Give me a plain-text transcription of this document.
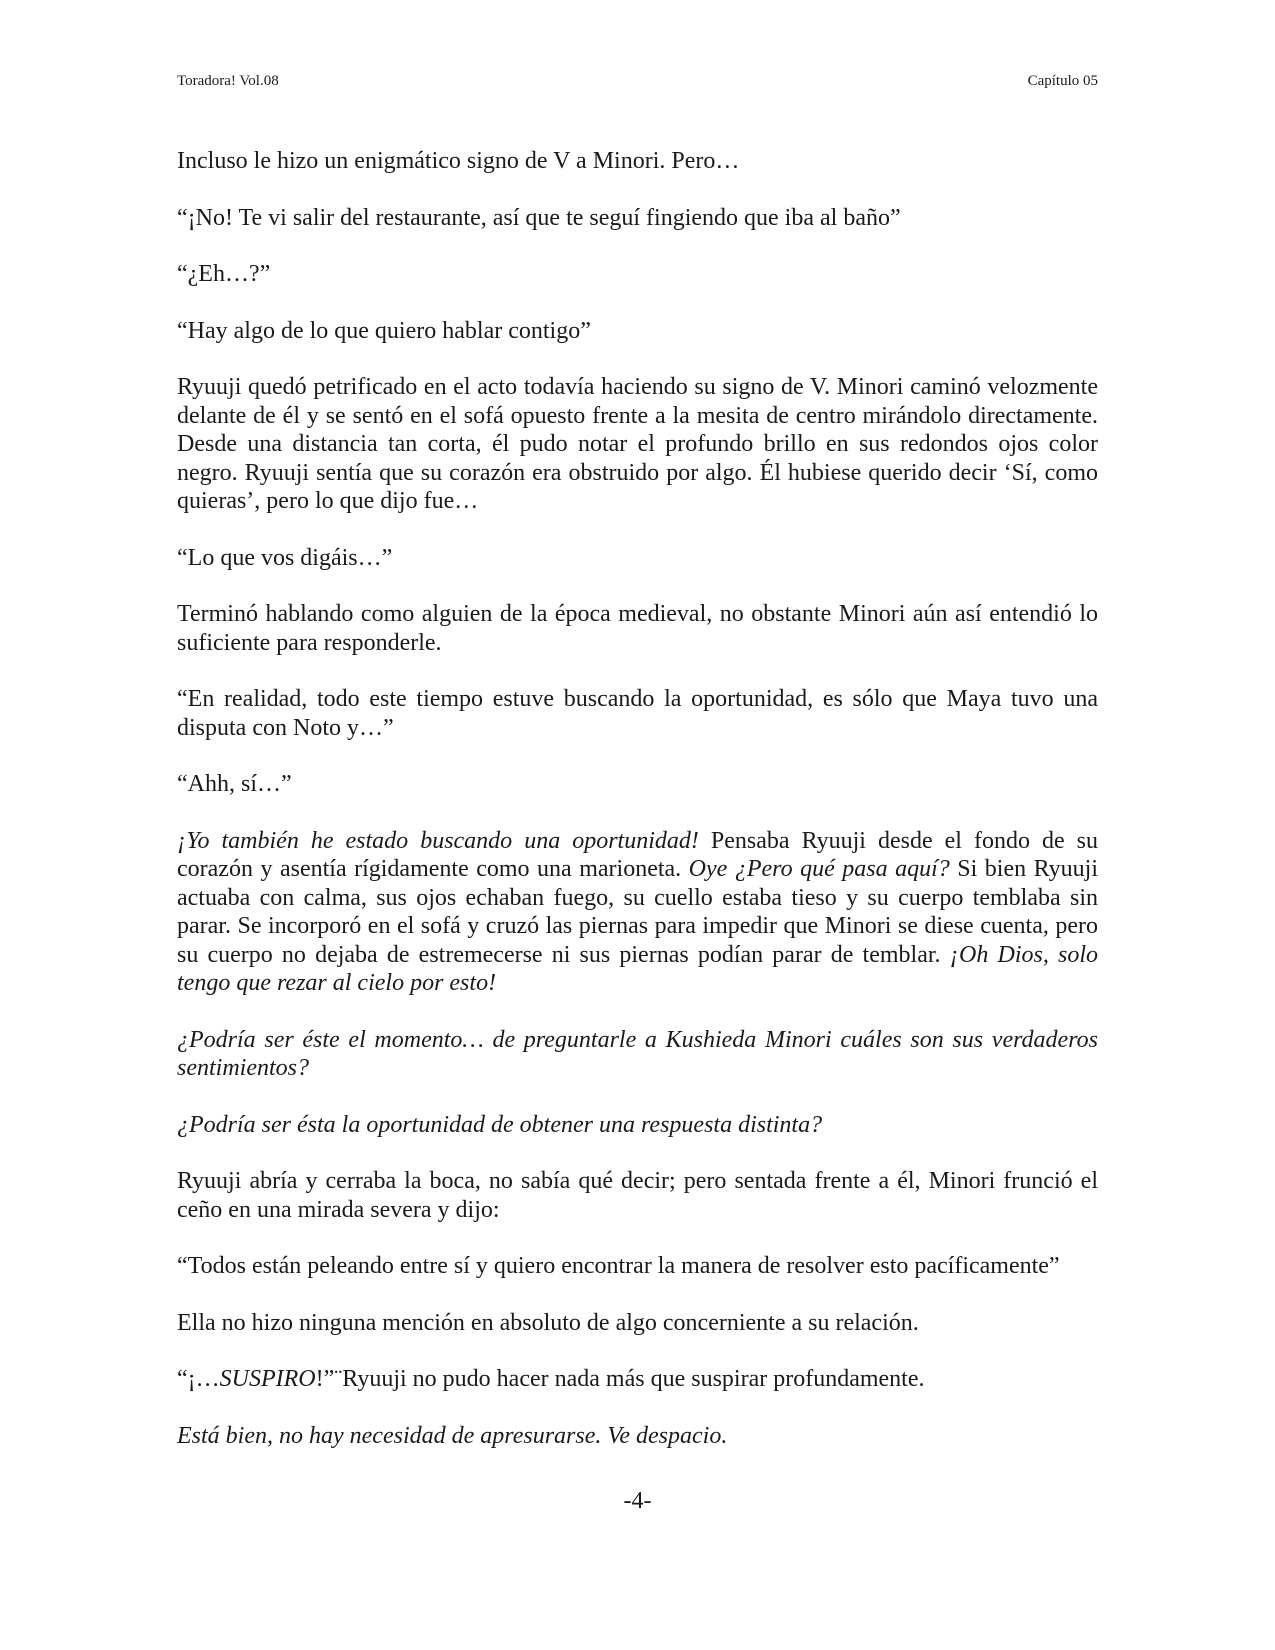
Toradora! Vol.08	Capítulo 05

Incluso le hizo un enigmático signo de V a Minori. Pero…

“¡No! Te vi salir del restaurante, así que te seguí fingiendo que iba al baño”

“¿Eh…?”

“Hay algo de lo que quiero hablar contigo”

Ryuuji quedó petrificado en el acto todavía haciendo su signo de V. Minori caminó velozmente delante de él y se sentó en el sofá opuesto frente a la mesita de centro mirándolo directamente. Desde una distancia tan corta, él pudo notar el profundo brillo en sus redondos ojos color negro. Ryuuji sentía que su corazón era obstruido por algo. Él hubiese querido decir ‘Sí, como quieras’, pero lo que dijo fue…

“Lo que vos digáis…”

Terminó hablando como alguien de la época medieval, no obstante Minori aún así entendió lo suficiente para responderle.

“En realidad, todo este tiempo estuve buscando la oportunidad, es sólo que Maya tuvo una disputa con Noto y…”

“Ahh, sí…”

¡Yo también he estado buscando una oportunidad! Pensaba Ryuuji desde el fondo de su corazón y asentía rígidamente como una marioneta. Oye ¿Pero qué pasa aquí? Si bien Ryuuji actuaba con calma, sus ojos echaban fuego, su cuello estaba tieso y su cuerpo temblaba sin parar. Se incorporó en el sofá y cruzó las piernas para impedir que Minori se diese cuenta, pero su cuerpo no dejaba de estremecerse ni sus piernas podían parar de temblar. ¡Oh Dios, solo tengo que rezar al cielo por esto!

¿Podría ser éste el momento… de preguntarle a Kushieda Minori cuáles son sus verdaderos sentimientos?

¿Podría ser ésta la oportunidad de obtener una respuesta distinta?

Ryuuji abría y cerraba la boca, no sabía qué decir; pero sentada frente a él, Minori frunció el ceño en una mirada severa y dijo:

“Todos están peleando entre sí y quiero encontrar la manera de resolver esto pacíficamente”

Ella no hizo ninguna mención en absoluto de algo concerniente a su relación.

“¡…SUSPIRO!”¨Ryuuji no pudo hacer nada más que suspirar profundamente.

Está bien, no hay necesidad de apresurarse. Ve despacio.

-4-
